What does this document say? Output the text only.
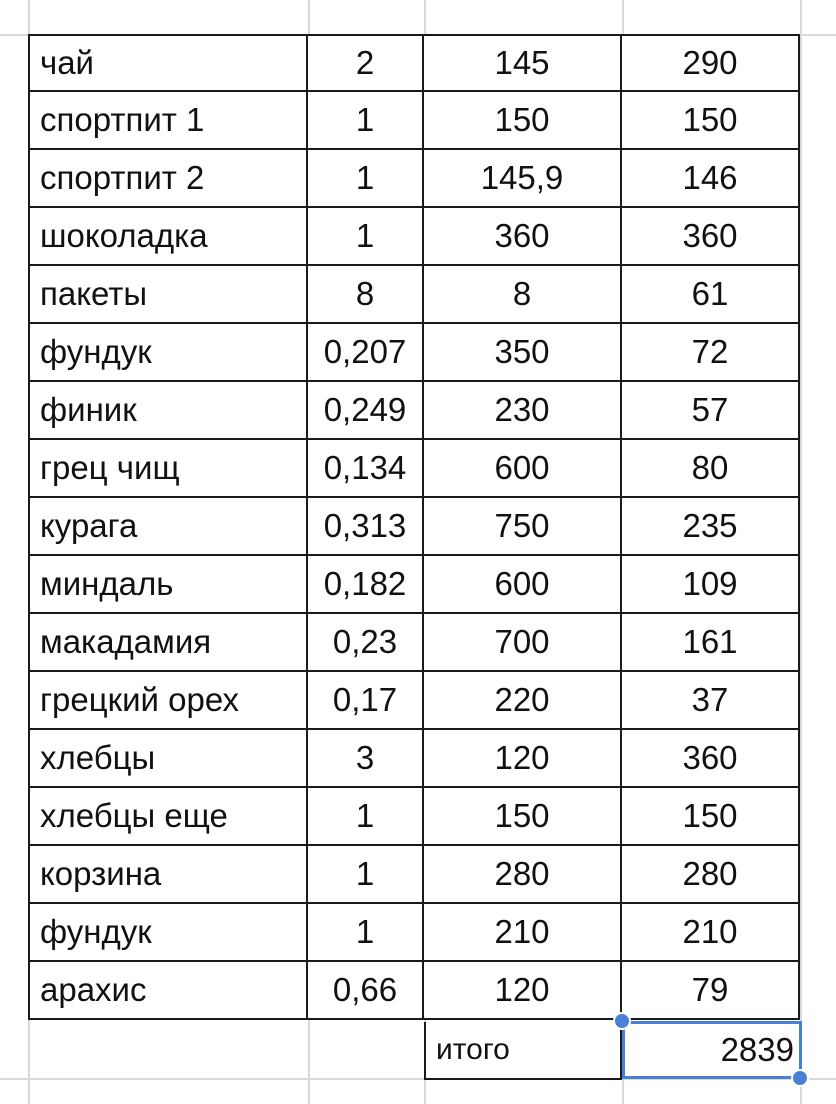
чай	2	145	290
спортпит 1	1	150	150
спортпит 2	1	145,9	146
шоколадка	1	360	360
пакеты	8	8	61
фундук	0,207	350	72
финик	0,249	230	57
грец чищ	0,134	600	80
курага	0,313	750	235
миндаль	0,182	600	109
макадамия	0,23	700	161
грецкий орех	0,17	220	37
хлебцы	3	120	360
хлебцы еще	1	150	150
корзина	1	280	280
фундук	1	210	210
арахис	0,66	120	79
итого	2839
